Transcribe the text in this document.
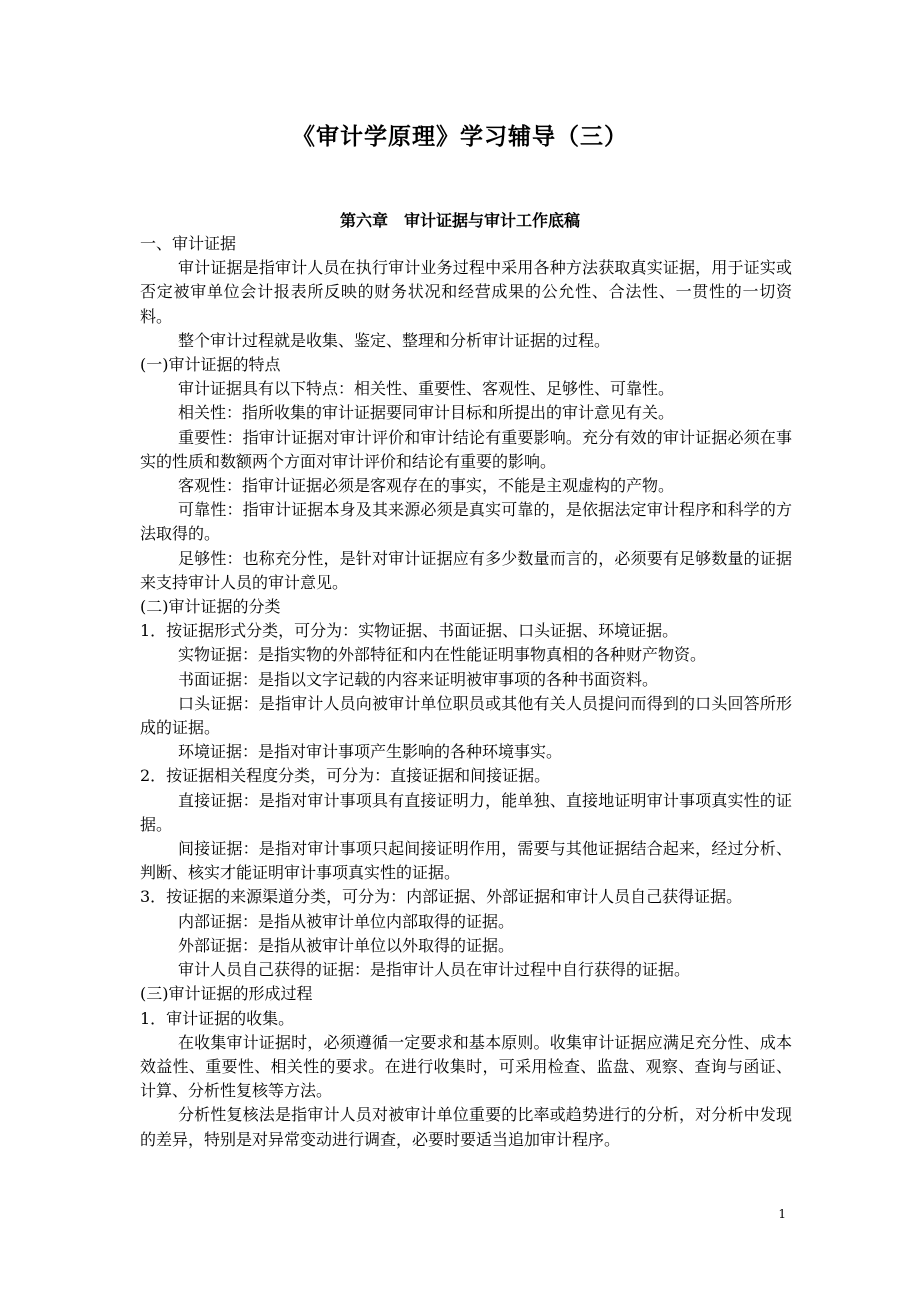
《审计学原理》学习辅导（三）
第六章　审计证据与审计工作底稿

一、审计证据

审计证据是指审计人员在执行审计业务过程中采用各种方法获取真实证据，用于证实或否定被审单位会计报表所反映的财务状况和经营成果的公允性、合法性、一贯性的一切资料。

整个审计过程就是收集、鉴定、整理和分析审计证据的过程。

(一)审计证据的特点

审计证据具有以下特点：相关性、重要性、客观性、足够性、可靠性。

相关性：指所收集的审计证据要同审计目标和所提出的审计意见有关。

重要性：指审计证据对审计评价和审计结论有重要影响。充分有效的审计证据必须在事实的性质和数额两个方面对审计评价和结论有重要的影响。

客观性：指审计证据必须是客观存在的事实，不能是主观虚构的产物。

可靠性：指审计证据本身及其来源必须是真实可靠的，是依据法定审计程序和科学的方法取得的。

足够性：也称充分性，是针对审计证据应有多少数量而言的，必须要有足够数量的证据来支持审计人员的审计意见。

(二)审计证据的分类

1．按证据形式分类，可分为：实物证据、书面证据、口头证据、环境证据。

实物证据：是指实物的外部特征和内在性能证明事物真相的各种财产物资。

书面证据：是指以文字记载的内容来证明被审事项的各种书面资料。

口头证据：是指审计人员向被审计单位职员或其他有关人员提问而得到的口头回答所形成的证据。

环境证据：是指对审计事项产生影响的各种环境事实。

2．按证据相关程度分类，可分为：直接证据和间接证据。

直接证据：是指对审计事项具有直接证明力，能单独、直接地证明审计事项真实性的证据。

间接证据：是指对审计事项只起间接证明作用，需要与其他证据结合起来，经过分析、判断、核实才能证明审计事项真实性的证据。

3．按证据的来源渠道分类，可分为：内部证据、外部证据和审计人员自己获得证据。

内部证据：是指从被审计单位内部取得的证据。

外部证据：是指从被审计单位以外取得的证据。

审计人员自己获得的证据：是指审计人员在审计过程中自行获得的证据。

(三)审计证据的形成过程

1．审计证据的收集。

在收集审计证据时，必须遵循一定要求和基本原则。收集审计证据应满足充分性、成本效益性、重要性、相关性的要求。在进行收集时，可采用检查、监盘、观察、查询与函证、计算、分析性复核等方法。

分析性复核法是指审计人员对被审计单位重要的比率或趋势进行的分析，对分析中发现的差异，特别是对异常变动进行调查，必要时要适当追加审计程序。

1
